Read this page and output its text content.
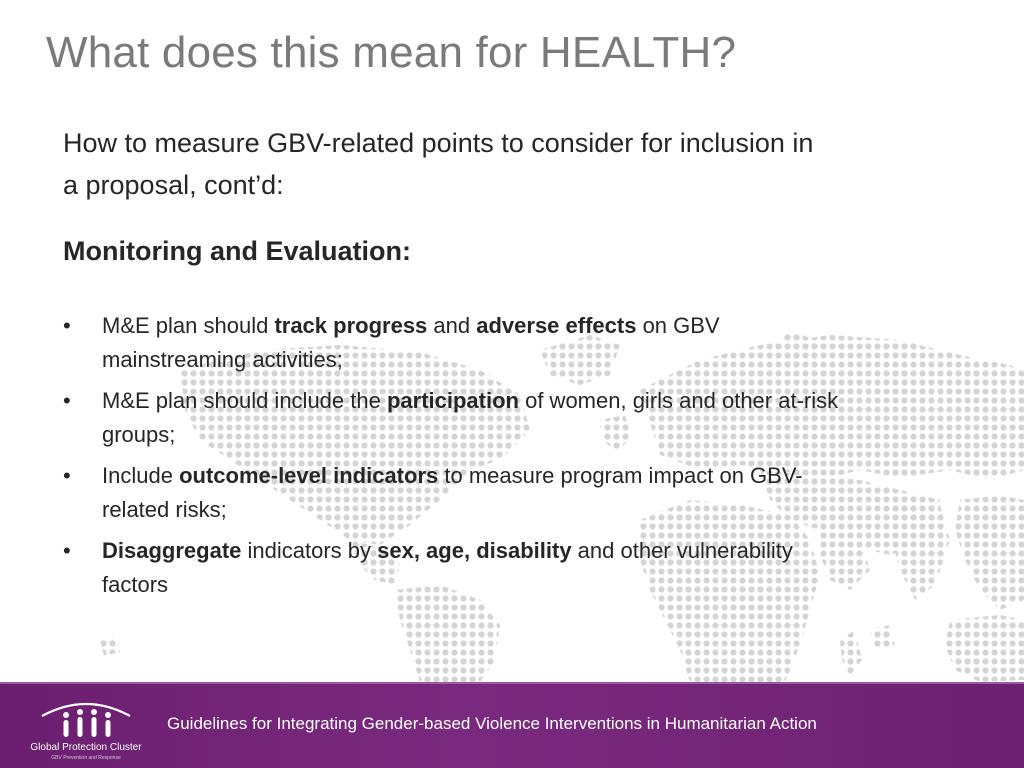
What does this mean for HEALTH?

How to measure GBV-related points to consider for inclusion in a proposal, cont’d:

Monitoring and Evaluation:
• M&E plan should track progress and adverse effects on GBV mainstreaming activities;
• M&E plan should include the participation of women, girls and other at-risk groups;
• Include outcome-level indicators to measure program impact on GBV-related risks;
• Disaggregate indicators by sex, age, disability and other vulnerability factors
Global Protection Cluster
GBV Prevention and Response
Guidelines for Integrating Gender-based Violence Interventions in Humanitarian Action
